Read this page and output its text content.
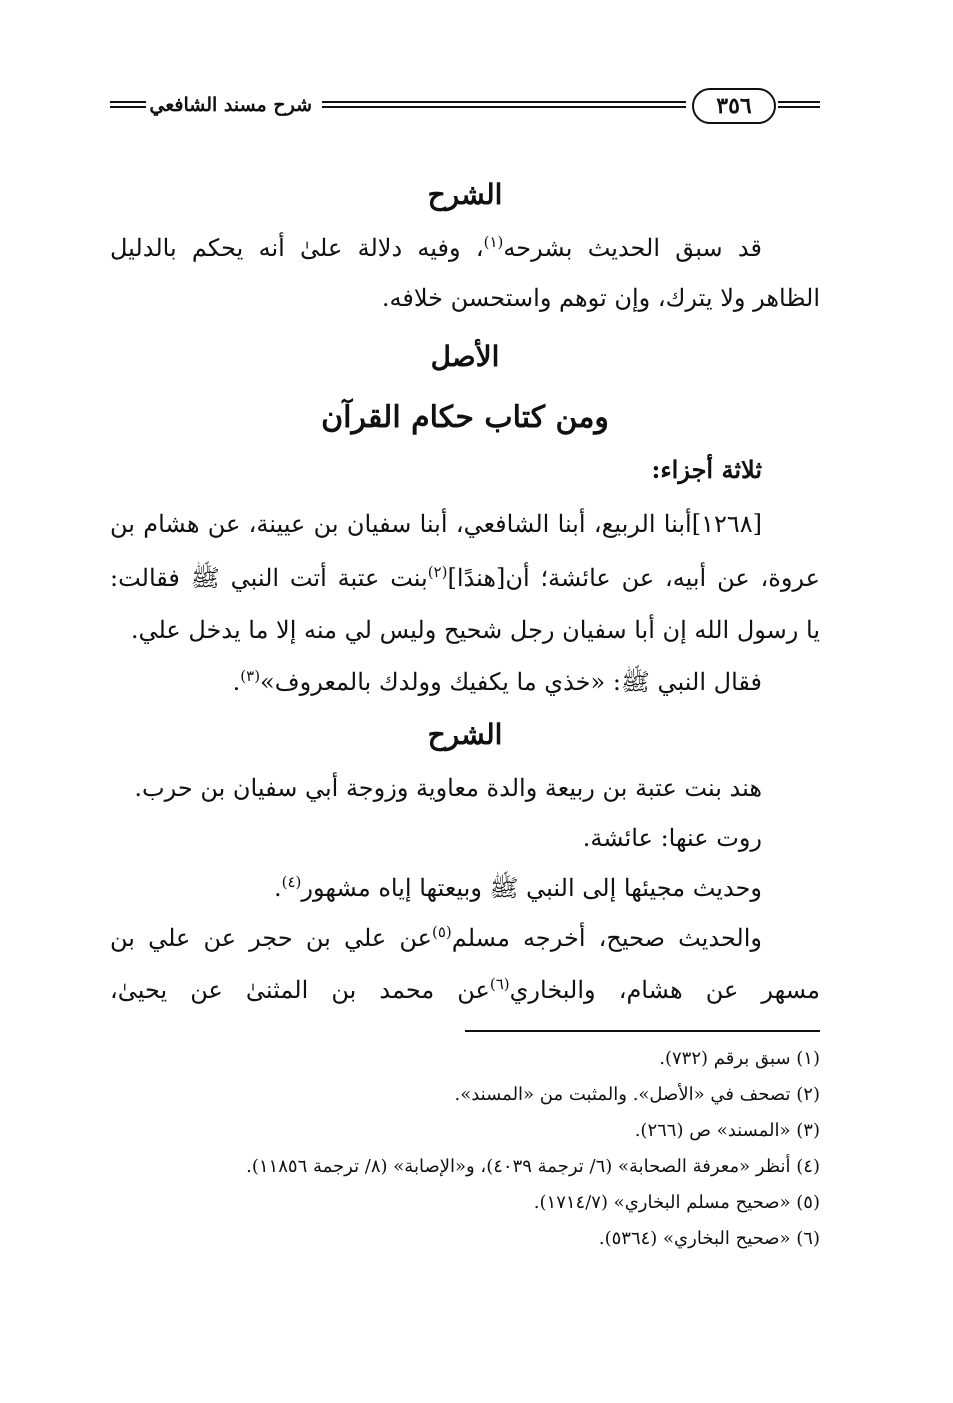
شرح مسند الشافعي	٣٥٦
الشرح
قد سبق الحديث بشرحه$^{(١)}$، وفيه دلالة علىٰ أنه يحكم بالدليل
الظاهر ولا يترك، وإن توهم واستحسن خلافه.
الأصل
ومن كتاب حكام القرآن
ثلاثة أجزاء:
[١٢٦٨]أبنا الربيع، أبنا الشافعي، أبنا سفيان بن عيينة، عن هشام بن
عروة، عن أبيه، عن عائشة؛ أن[هندًا]$^{(٢)}$بنت عتبة أتت النبي ﷺ فقالت:
يا رسول الله إن أبا سفيان رجل شحيح وليس لي منه إلا ما يدخل علي.
فقال النبي ﷺ: «خذي ما يكفيك وولدك بالمعروف»$^{(٣)}$.
الشرح
هند بنت عتبة بن ربيعة والدة معاوية وزوجة أبي سفيان بن حرب.
روت عنها: عائشة.
وحديث مجيئها إلى النبي ﷺ وبيعتها إياه مشهور$^{(٤)}$.
والحديث صحيح، أخرجه مسلم$^{(٥)}$عن علي بن حجر عن علي بن
مسهر عن هشام، والبخاري$^{(٦)}$عن محمد بن المثنىٰ عن يحيىٰ،
(١) سبق برقم (٧٣٢).
(٢) تصحف في «الأصل». والمثبت من «المسند».
(٣) «المسند» ص (٢٦٦).
(٤) أنظر «معرفة الصحابة» (٦/ ترجمة ٤٠٣٩)، و«الإصابة» (٨/ ترجمة ١١٨٥٦).
(٥) «صحيح مسلم البخاري» (١٧١٤/٧).
(٦) «صحيح البخاري» (٥٣٦٤).
